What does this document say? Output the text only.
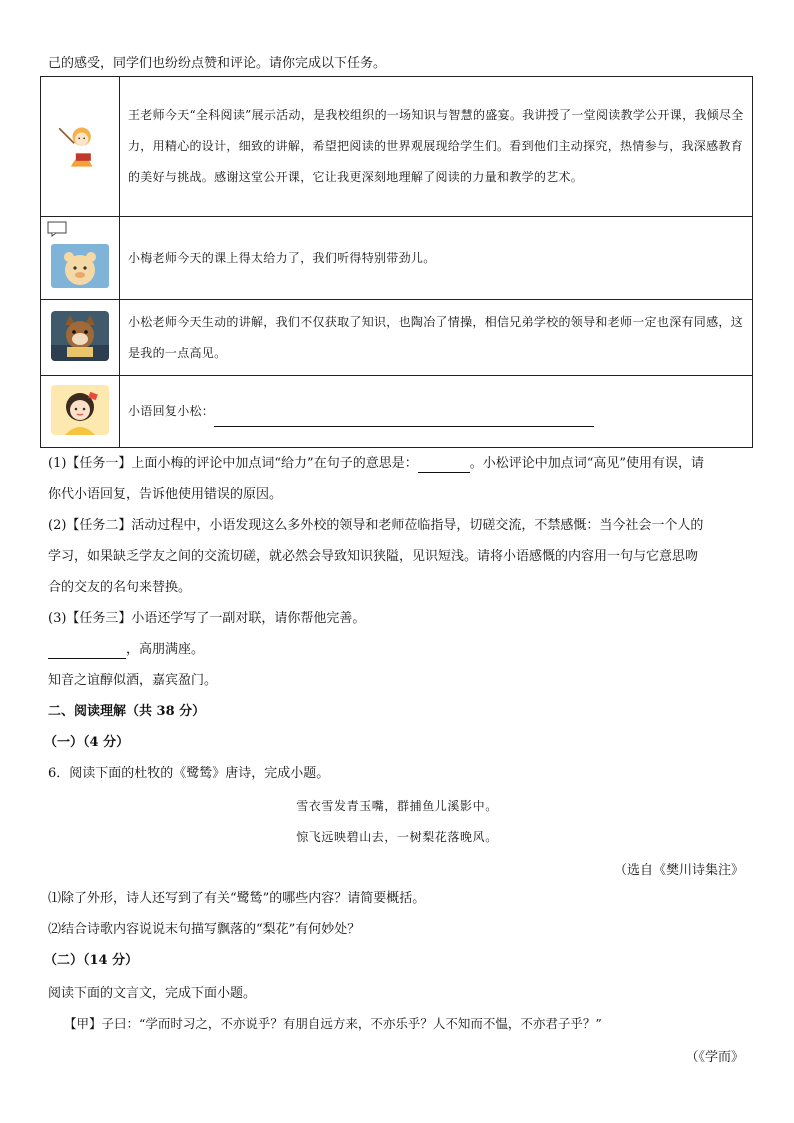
己的感受，同学们也纷纷点赞和评论。请你完成以下任务。
	王老师今天“全科阅读”展示活动，是我校组织的一场知识与智慧的盛宴。我讲授了一堂阅读教学公开课，我倾尽全力，用精心的设计，细致的讲解，希望把阅读的世界观展现给学生们。看到他们主动探究，热情参与，我深感教育的美好与挑战。感谢这堂公开课，它让我更深刻地理解了阅读的力量和教学的艺术。

	小梅老师今天的课上得太给力了，我们听得特别带劲儿。
	小松老师今天生动的讲解，我们不仅获取了知识，也陶冶了情操，相信兄弟学校的领导和老师一定也深有同感，这是我的一点高见。
	小语回复小松：
(1)【任务一】上面小梅的评论中加点词“给力”在句子的意思是：	。小松评论中加点词“高见”使用有误，请
你代小语回复，告诉他使用错误的原因。
(2)【任务二】活动过程中，小语发现这么多外校的领导和老师莅临指导，切磋交流，不禁感慨：当今社会一个人的
学习，如果缺乏学友之间的交流切磋，就必然会导致知识狭隘，见识短浅。请将小语感慨的内容用一句与它意思吻
合的交友的名句来替换。
(3)【任务三】小语还学写了一副对联，请你帮他完善。
，高朋满座。
知音之谊醇似酒，嘉宾盈门。
二、阅读理解（共 38 分）
（一）（4 分）
6．阅读下面的杜牧的《鹭鸶》唐诗，完成小题。
雪衣雪发青玉嘴，群捕鱼儿溪影中。
惊飞远映碧山去，一树梨花落晚风。
（选自《樊川诗集注》
⑴除了外形，诗人还写到了有关“鹭鸶”的哪些内容？请简要概括。
⑵结合诗歌内容说说末句描写飘落的“梨花”有何妙处？
（二）（14 分）
阅读下面的文言文，完成下面小题。
【甲】子曰：“学而时习之，不亦说乎？有朋自远方来，不亦乐乎？人不知而不愠，不亦君子乎？”
（《学而》
